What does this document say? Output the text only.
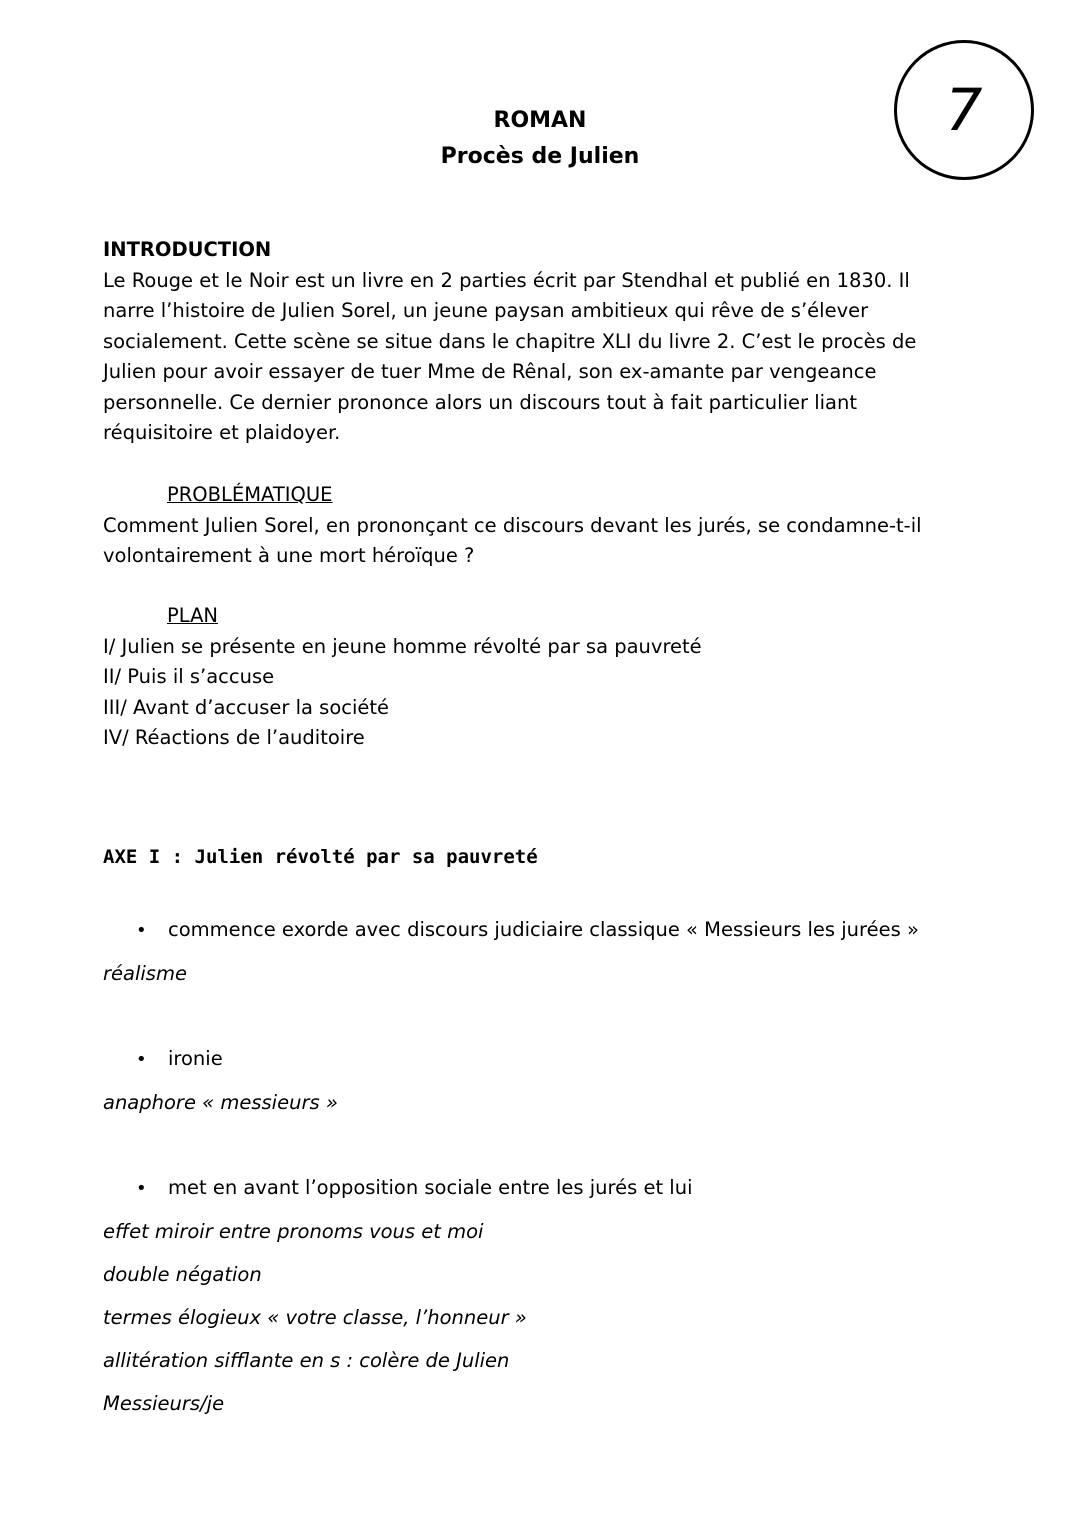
7
ROMAN
Procès de Julien
INTRODUCTION
Le Rouge et le Noir est un livre en 2 parties écrit par Stendhal et publié en 1830. Il
narre l’histoire de Julien Sorel, un jeune paysan ambitieux qui rêve de s’élever
socialement. Cette scène se situe dans le chapitre XLI du livre 2. C’est le procès de
Julien pour avoir essayer de tuer Mme de Rênal, son ex-amante par vengeance
personnelle. Ce dernier prononce alors un discours tout à fait particulier liant
réquisitoire et plaidoyer.
PROBLÉMATIQUE
Comment Julien Sorel, en prononçant ce discours devant les jurés, se condamne-t-il
volontairement à une mort héroïque ?
PLAN
I/ Julien se présente en jeune homme révolté par sa pauvreté
II/ Puis il s’accuse
III/ Avant d’accuser la société
IV/ Réactions de l’auditoire
AXE I : Julien révolté par sa pauvreté
•	commence exorde avec discours judiciaire classique « Messieurs les jurées »
réalisme
•	ironie
anaphore « messieurs »
•	met en avant l’opposition sociale entre les jurés et lui
effet miroir entre pronoms vous et moi
double négation
termes élogieux « votre classe, l’honneur »
allitération sifflante en s : colère de Julien
Messieurs/je
